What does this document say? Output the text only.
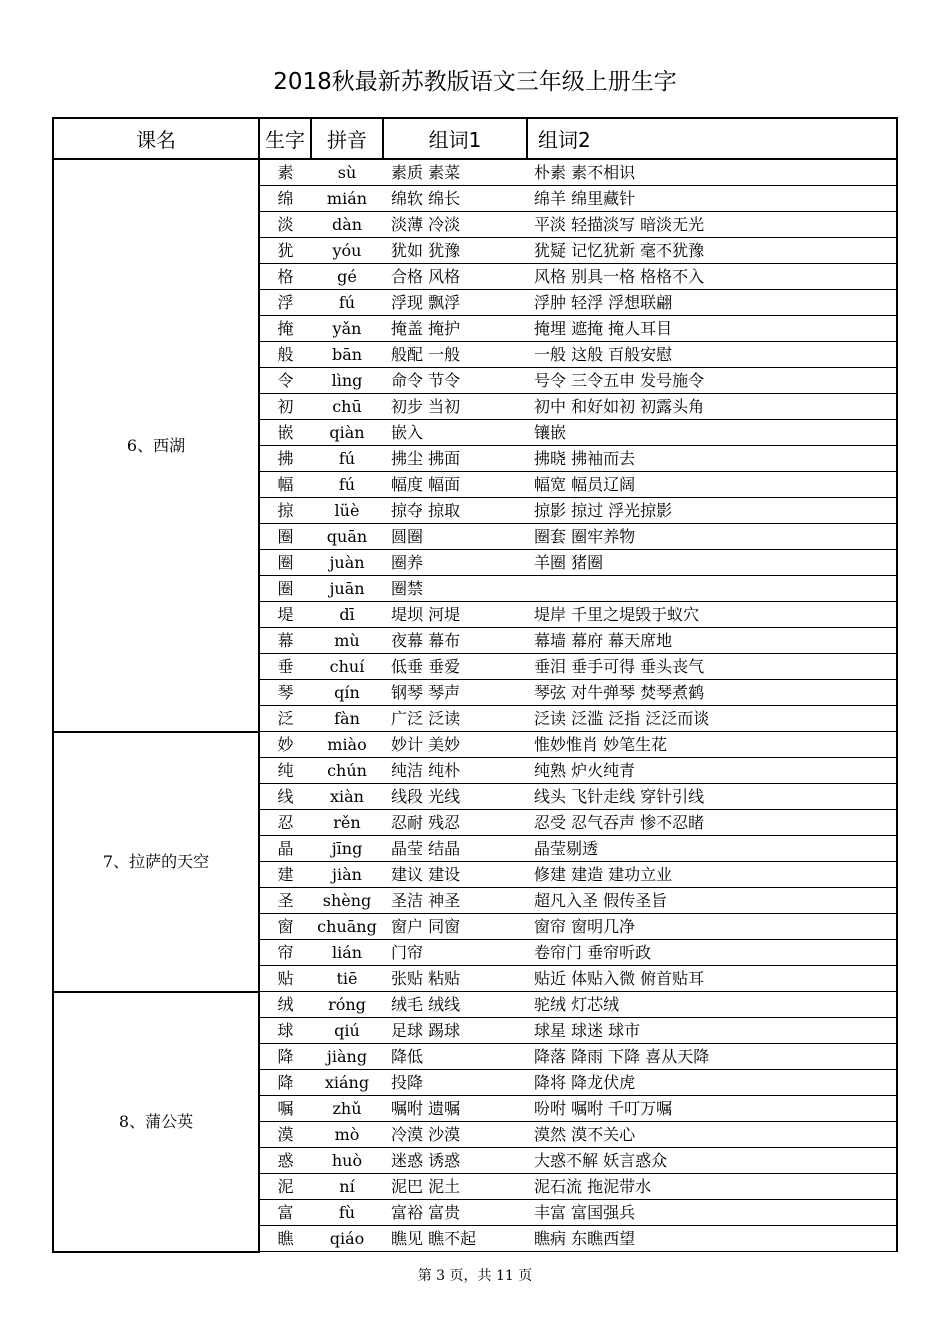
2018秋最新苏教版语文三年级上册生字
课名	生字	拼音	组词1	组词2
6、西湖	素	sù	素质 素菜	朴素 素不相识
	绵	mián	绵软 绵长	绵羊 绵里藏针
	淡	dàn	淡薄 冷淡	平淡 轻描淡写 暗淡无光
	犹	yóu	犹如 犹豫	犹疑 记忆犹新 毫不犹豫
	格	gé	合格 风格	风格 别具一格 格格不入
	浮	fú	浮现 飘浮	浮肿 轻浮 浮想联翩
	掩	yǎn	掩盖 掩护	掩埋 遮掩 掩人耳目
	般	bān	般配 一般	一般 这般 百般安慰
	令	lìng	命令 节令	号令 三令五申 发号施令
	初	chū	初步 当初	初中 和好如初 初露头角
	嵌	qiàn	嵌入	镶嵌
	拂	fú	拂尘 拂面	拂晓 拂袖而去
	幅	fú	幅度 幅面	幅宽 幅员辽阔
	掠	lüè	掠夺 掠取	掠影 掠过 浮光掠影
	圈	quān	圆圈	圈套 圈牢养物
	圈	juàn	圈养	羊圈 猪圈
	圈	juān	圈禁	
	堤	dī	堤坝 河堤	堤岸 千里之堤毁于蚁穴
	幕	mù	夜幕 幕布	幕墙 幕府 幕天席地
	垂	chuí	低垂 垂爱	垂泪 垂手可得 垂头丧气
	琴	qín	钢琴 琴声	琴弦 对牛弹琴 焚琴煮鹤
	泛	fàn	广泛 泛读	泛读 泛滥 泛指 泛泛而谈
7、拉萨的天空	妙	miào	妙计 美妙	惟妙惟肖 妙笔生花
	纯	chún	纯洁 纯朴	纯熟 炉火纯青
	线	xiàn	线段 光线	线头 飞针走线 穿针引线
	忍	rěn	忍耐 残忍	忍受 忍气吞声 惨不忍睹
	晶	jīng	晶莹 结晶	晶莹剔透
	建	jiàn	建议 建设	修建 建造 建功立业
	圣	shèng	圣洁 神圣	超凡入圣 假传圣旨
	窗	chuāng	窗户 同窗	窗帘 窗明几净
	帘	lián	门帘	卷帘门 垂帘听政
	贴	tiē	张贴 粘贴	贴近 体贴入微 俯首贴耳
8、蒲公英	绒	róng	绒毛 绒线	驼绒 灯芯绒
	球	qiú	足球 踢球	球星 球迷 球市
	降	jiàng	降低	降落 降雨 下降 喜从天降
	降	xiáng	投降	降将 降龙伏虎
	嘱	zhǔ	嘱咐 遗嘱	吩咐 嘱咐 千叮万嘱
	漠	mò	冷漠 沙漠	漠然 漠不关心
	惑	huò	迷惑 诱惑	大惑不解 妖言惑众
	泥	ní	泥巴 泥土	泥石流 拖泥带水
	富	fù	富裕 富贵	丰富 富国强兵
	瞧	qiáo	瞧见 瞧不起	瞧病 东瞧西望
第 3 页，共 11 页
